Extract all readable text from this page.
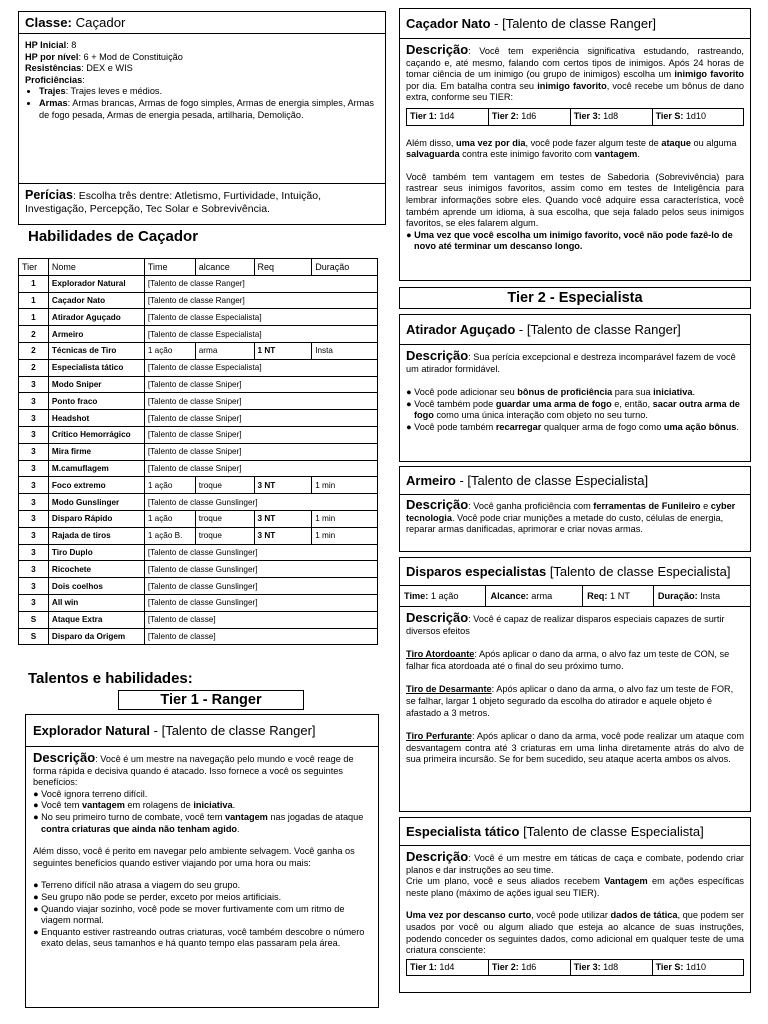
Classe: Caçador

HP Inicial: 8

HP por nível: 6 + Mod de Constituição

Resistências: DEX e WIS

Proficiências:

• Trajes: Trajes leves e médios.
• Armas: Armas brancas, Armas de fogo simples, Armas de energia simples, Armas de fogo pesada, Armas de energia pesada, artilharia, Demolição.
Perícias: Escolha três dentre: Atletismo, Furtividade, Intuição, Investigação, Percepção, Tec Solar e Sobrevivência.
Habilidades de Caçador
Tier	Nome	Time	alcance	Req	Duração
1	Explorador Natural	[Talento de classe Ranger]			
1	Caçador Nato	[Talento de classe Ranger]			
1	Atirador Aguçado	[Talento de classe Especialista]			
2	Armeiro	[Talento de classe Especialista]			
2	Técnicas de Tiro	1 ação	arma	1 NT	Insta
2	Especialista tático	[Talento de classe Especialista]			
3	Modo Sniper	[Talento de classe Sniper]			
3	Ponto fraco	[Talento de classe Sniper]			
3	Headshot	[Talento de classe Sniper]			
3	Crítico Hemorrágico	[Talento de classe Sniper]			
3	Mira firme	[Talento de classe Sniper]			
3	M.camuflagem	[Talento de classe Sniper]			
3	Foco extremo	1 ação	troque	3 NT	1 min
3	Modo Gunslinger	[Talento de classe Gunslinger]			
3	Disparo Rápido	1 ação	troque	3 NT	1 min
3	Rajada de tiros	1 ação B.	troque	3 NT	1 min
3	Tiro Duplo	[Talento de classe Gunslinger]			
3	Ricochete	[Talento de classe Gunslinger]			
3	Dois coelhos	[Talento de classe Gunslinger]			
3	All win	[Talento de classe Gunslinger]			
S	Ataque Extra	[Talento de classe]			
S	Disparo da Origem	[Talento de classe]			
Talentos e habilidades:
Tier 1 - Ranger
Explorador Natural - [Talento de classe Ranger]

Descrição: Você é um mestre na navegação pelo mundo e você reage de forma rápida e decisiva quando é atacado. Isso fornece a você os seguintes benefícios:

● Você ignora terreno difícil.
● Você tem vantagem em rolagens de iniciativa.
● No seu primeiro turno de combate, você tem vantagem nas jogadas de ataque contra criaturas que ainda não tenham agido.

Além disso, você é perito em navegar pelo ambiente selvagem. Você ganha os seguintes benefícios quando estiver viajando por uma hora ou mais:

● Terreno difícil não atrasa a viagem do seu grupo.
● Seu grupo não pode se perder, exceto por meios artificiais.
● Quando viajar sozinho, você pode se mover furtivamente com um ritmo de viagem normal.
● Enquanto estiver rastreando outras criaturas, você também descobre o número exato delas, seus tamanhos e há quanto tempo elas passaram pela área.
Caçador Nato - [Talento de classe Ranger]

Descrição: Você tem experiência significativa estudando, rastreando, caçando e, até mesmo, falando com certos tipos de inimigos. Após 24 horas de tomar ciência de um inimigo (ou grupo de inimigos) escolha um inimigo favorito por dia. Em batalha contra seu inimigo favorito, você recebe um bônus de dano extra, conforme seu TIER:

Tier 1: 1d4	Tier 2: 1d6	Tier 3: 1d8	Tier S: 1d10

Além disso, uma vez por dia, você pode fazer algum teste de ataque ou alguma salvaguarda contra este inimigo favorito com vantagem.

Você também tem vantagem em testes de Sabedoria (Sobrevivência) para rastrear seus inimigos favoritos, assim como em testes de Inteligência para lembrar informações sobre eles. Quando você adquire essa característica, você também aprende um idioma, à sua escolha, que seja falado pelos seus inimigos favoritos, se eles falarem algum.

● Uma vez que você escolha um inimigo favorito, você não pode fazê-lo de novo até terminar um descanso longo.

Tier 2 - Especialista
Atirador Aguçado - [Talento de classe Ranger]

Descrição: Sua perícia excepcional e destreza incomparável fazem de você um atirador formidável.

● Você pode adicionar seu bônus de proficiência para sua iniciativa.
● Você também pode guardar uma arma de fogo e, então, sacar outra arma de fogo como uma única interação com objeto no seu turno.
● Você pode também recarregar qualquer arma de fogo como uma ação bônus.
Armeiro - [Talento de classe Especialista]

Descrição: Você ganha proficiência com ferramentas de Funileiro e cyber tecnologia. Você pode criar munições a metade do custo, células de energia, reparar armas danificadas, aprimorar e criar novas armas.

Disparos especialistas [Talento de classe Especialista]
Time: 1 ação	Alcance: arma	Req: 1 NT	Duração: Insta

Descrição: Você é capaz de realizar disparos especiais capazes de surtir diversos efeitos

Tiro Atordoante: Após aplicar o dano da arma, o alvo faz um teste de CON, se falhar fica atordoada até o final do seu próximo turno.

Tiro de Desarmante: Após aplicar o dano da arma, o alvo faz um teste de FOR, se falhar, largar 1 objeto segurado da escolha do atirador e aquele objeto é afastado a 3 metros.

Tiro Perfurante: Após aplicar o dano da arma, você pode realizar um ataque com desvantagem contra até 3 criaturas em uma linha diretamente atrás do alvo de sua primeira incursão. Se for bem sucedido, seu ataque acerta ambos os alvos.

Especialista tático [Talento de classe Especialista]

Descrição: Você é um mestre em táticas de caça e combate, podendo criar planos e dar instruções ao seu time.

Crie um plano, você e seus aliados recebem Vantagem em ações específicas neste plano (máximo de ações igual seu TIER).

Uma vez por descanso curto, você pode utilizar dados de tática, que podem ser usados por você ou algum aliado que esteja ao alcance de suas instruções, podendo conceder os seguintes dados, como adicional em qualquer teste de uma criatura consciente:

Tier 1: 1d4	Tier 2: 1d6	Tier 3: 1d8	Tier S: 1d10
